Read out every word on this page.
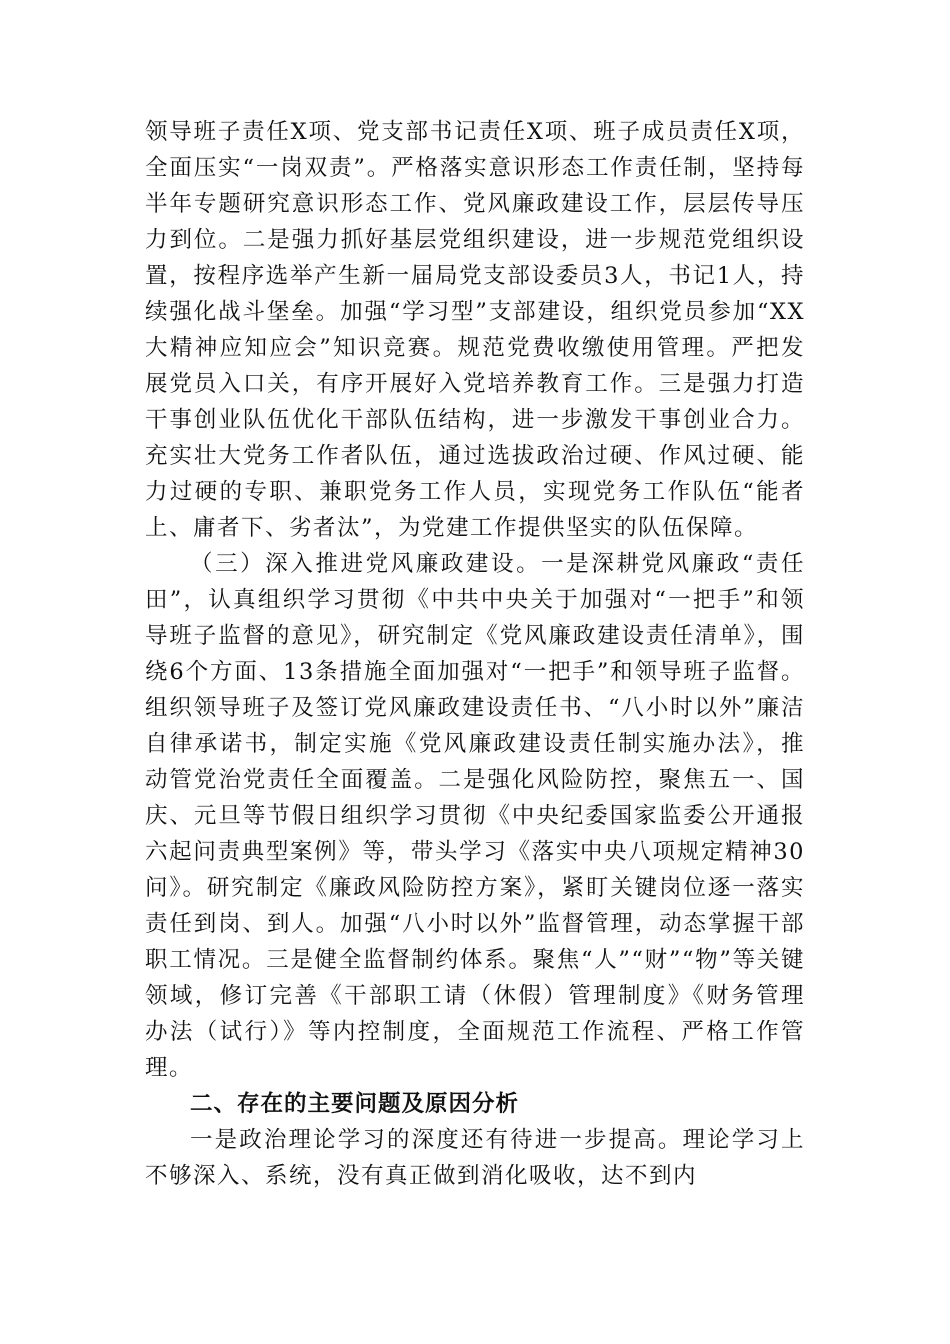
领导班子责任X项、党支部书记责任X项、班子成员责任X项，全面压实“一岗双责”。严格落实意识形态工作责任制，坚持每半年专题研究意识形态工作、党风廉政建设工作，层层传导压力到位。二是强力抓好基层党组织建设，进一步规范党组织设置，按程序选举产生新一届局党支部设委员3人，书记1人，持续强化战斗堡垒。加强“学习型”支部建设，组织党员参加“XX大精神应知应会”知识竞赛。规范党费收缴使用管理。严把发展党员入口关，有序开展好入党培养教育工作。三是强力打造干事创业队伍优化干部队伍结构，进一步激发干事创业合力。充实壮大党务工作者队伍，通过选拔政治过硬、作风过硬、能力过硬的专职、兼职党务工作人员，实现党务工作队伍“能者上、庸者下、劣者汰”，为党建工作提供坚实的队伍保障。

（三）深入推进党风廉政建设。一是深耕党风廉政“责任田”，认真组织学习贯彻《中共中央关于加强对“一把手”和领导班子监督的意见》，研究制定《党风廉政建设责任清单》，围绕6个方面、13条措施全面加强对“一把手”和领导班子监督。组织领导班子及签订党风廉政建设责任书、“八小时以外”廉洁自律承诺书，制定实施《党风廉政建设责任制实施办法》，推动管党治党责任全面覆盖。二是强化风险防控，聚焦五一、国庆、元旦等节假日组织学习贯彻《中央纪委国家监委公开通报六起问责典型案例》等，带头学习《落实中央八项规定精神30问》。研究制定《廉政风险防控方案》，紧盯关键岗位逐一落实责任到岗、到人。加强“八小时以外”监督管理，动态掌握干部职工情况。三是健全监督制约体系。聚焦“人”“财”“物”等关键领域，修订完善《干部职工请（休假）管理制度》《财务管理办法（试行）》等内控制度，全面规范工作流程、严格工作管理。

二、存在的主要问题及原因分析

一是政治理论学习的深度还有待进一步提高。理论学习上不够深入、系统，没有真正做到消化吸收，达不到内
